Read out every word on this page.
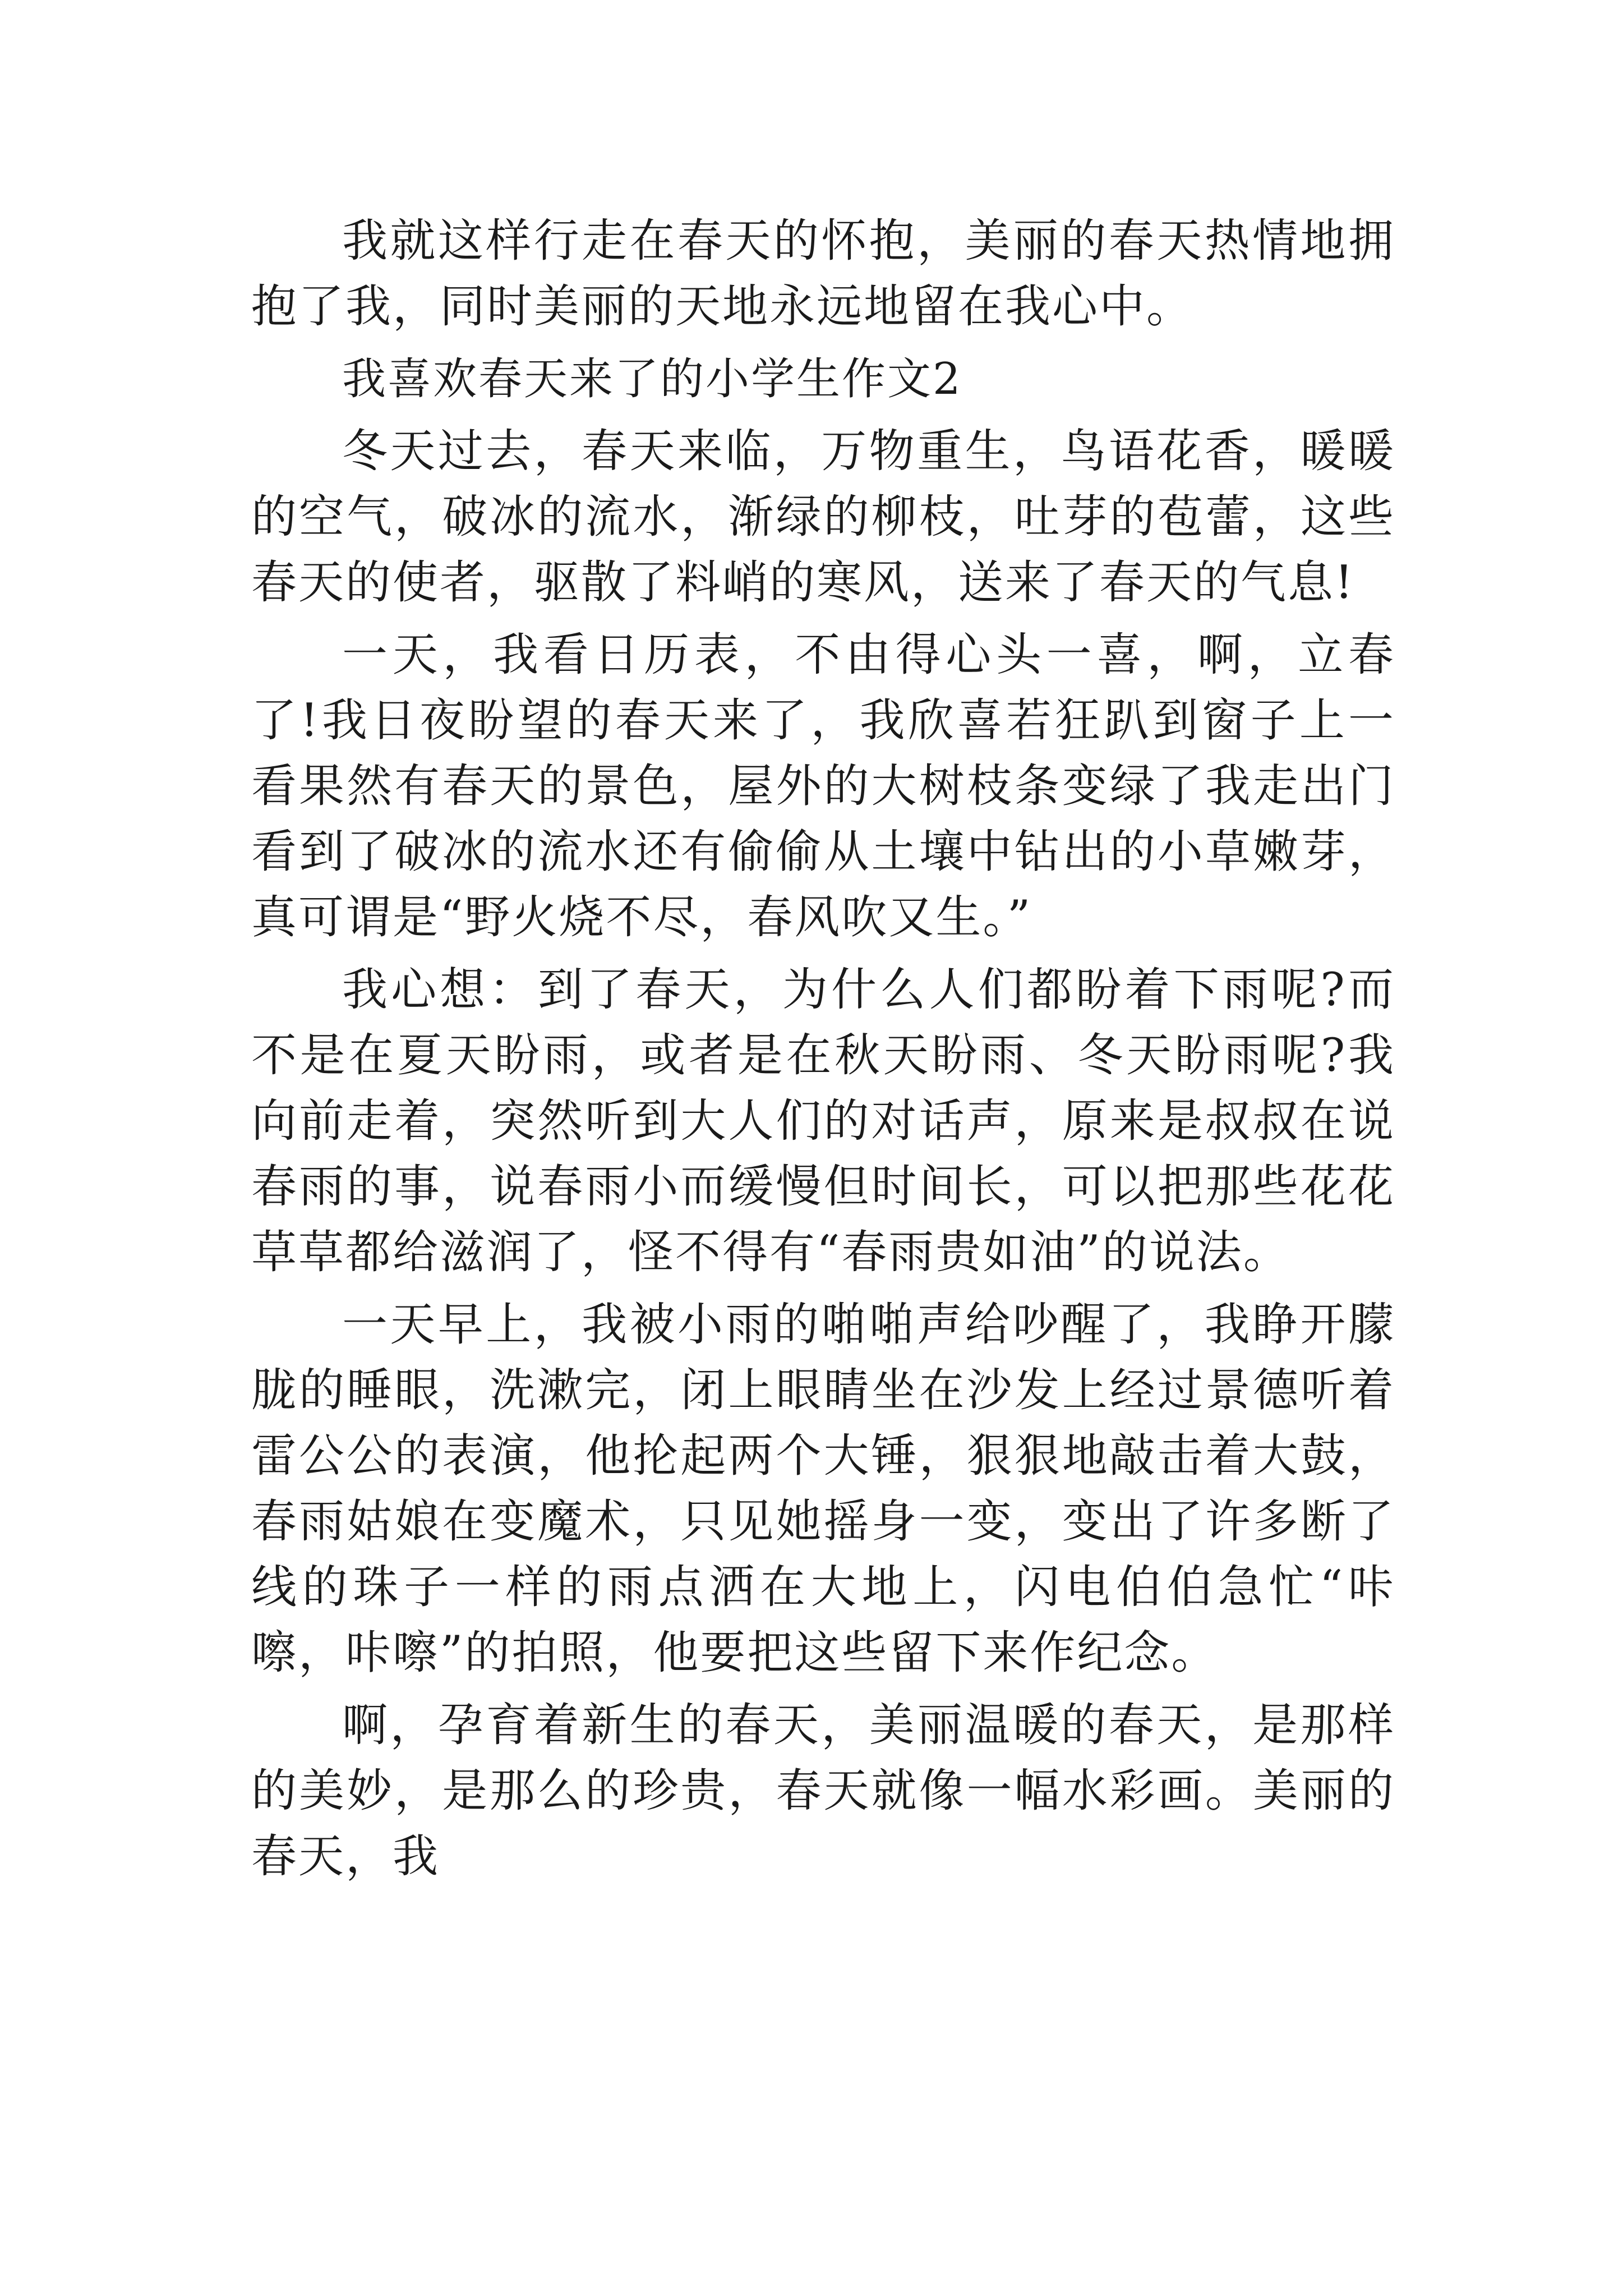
我就这样行走在春天的怀抱，美丽的春天热情地拥抱了我，同时美丽的天地永远地留在我心中。

我喜欢春天来了的小学生作文2

冬天过去，春天来临，万物重生，鸟语花香，暖暖的空气，破冰的流水，渐绿的柳枝，吐芽的苞蕾，这些春天的使者，驱散了料峭的寒风，送来了春天的气息!

一天，我看日历表，不由得心头一喜，啊，立春了!我日夜盼望的春天来了，我欣喜若狂趴到窗子上一看果然有春天的景色，屋外的大树枝条变绿了我走出门看到了破冰的流水还有偷偷从土壤中钻出的小草嫩芽，真可谓是“野火烧不尽，春风吹又生。”

我心想：到了春天，为什么人们都盼着下雨呢?而不是在夏天盼雨，或者是在秋天盼雨、冬天盼雨呢?我向前走着，突然听到大人们的对话声，原来是叔叔在说春雨的事，说春雨小而缓慢但时间长，可以把那些花花草草都给滋润了，怪不得有“春雨贵如油”的说法。

一天早上，我被小雨的啪啪声给吵醒了，我睁开朦胧的睡眼，洗漱完，闭上眼睛坐在沙发上经过景德听着雷公公的表演，他抡起两个大锤，狠狠地敲击着大鼓，春雨姑娘在变魔术，只见她摇身一变，变出了许多断了线的珠子一样的雨点洒在大地上，闪电伯伯急忙“咔嚓，咔嚓”的拍照，他要把这些留下来作纪念。

啊，孕育着新生的春天，美丽温暖的春天，是那样的美妙，是那么的珍贵，春天就像一幅水彩画。美丽的春天，我
